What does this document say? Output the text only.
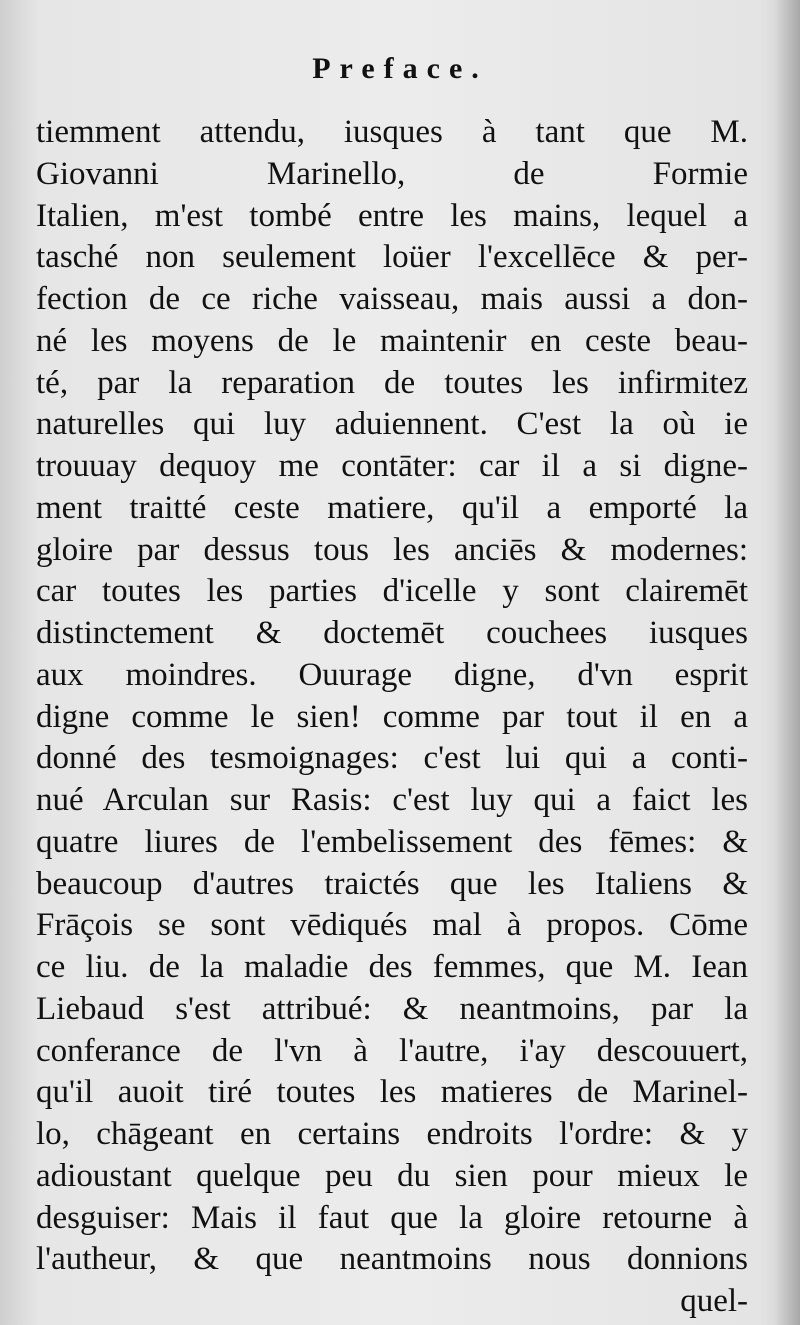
Preface.
tiemment attendu, iusques à tant que M.
Giovanni Marinello, de Formie
Italien, m'est tombé entre les mains, lequel a
tasché non seulement loüer l'excellēce & per-
fection de ce riche vaisseau, mais aussi a don-
né les moyens de le maintenir en ceste beau-
té, par la reparation de toutes les infirmitez
naturelles qui luy aduiennent. C'est la où ie
trouuay dequoy me contāter: car il a si digne-
ment traitté ceste matiere, qu'il a emporté la
gloire par dessus tous les anciēs & modernes:
car toutes les parties d'icelle y sont clairemēt
distinctement & doctemēt couchees iusques
aux moindres. Ouurage digne, d'vn esprit
digne comme le sien! comme par tout il en a
donné des tesmoignages: c'est lui qui a conti-
nué Arculan sur Rasis: c'est luy qui a faict les
quatre liures de l'embelissement des fēmes: &
beaucoup d'autres traictés que les Italiens &
Frāçois se sont vēdiqués mal à propos. Cōme
ce liu. de la maladie des femmes, que M. Iean
Liebaud s'est attribué: & neantmoins, par la
conferance de l'vn à l'autre, i'ay descouuert,
qu'il auoit tiré toutes les matieres de Marinel-
lo, chāgeant en certains endroits l'ordre: & y
adioustant quelque peu du sien pour mieux le
desguiser: Mais il faut que la gloire retourne à
l'autheur, & que neantmoins nous donnions
quel-
